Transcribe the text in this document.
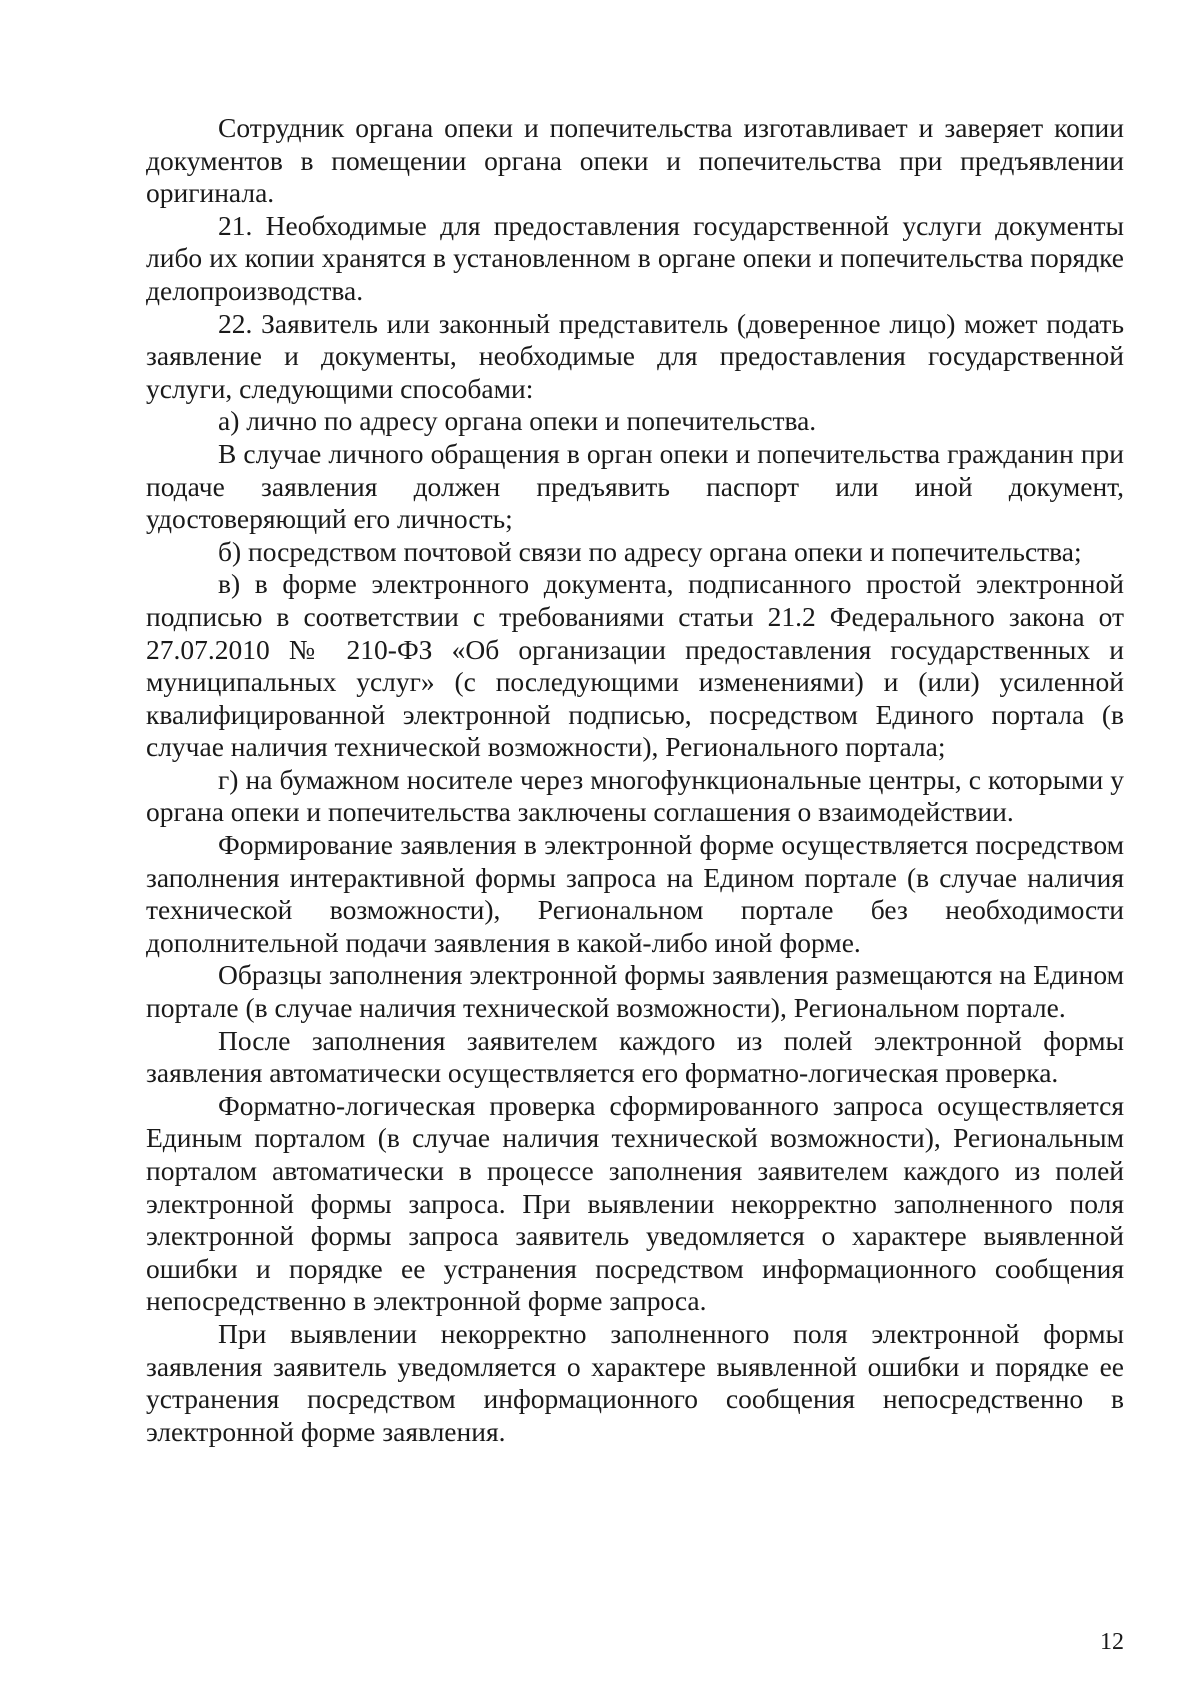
Сотрудник органа опеки и попечительства изготавливает и заверяет копии документов в помещении органа опеки и попечительства при предъявлении оригинала.

21. Необходимые для предоставления государственной услуги документы либо их копии хранятся в установленном в органе опеки и попечительства порядке делопроизводства.

22. Заявитель или законный представитель (доверенное лицо) может подать заявление и документы, необходимые для предоставления государственной услуги, следующими способами:

а) лично по адресу органа опеки и попечительства.

В случае личного обращения в орган опеки и попечительства гражданин при подаче заявления должен предъявить паспорт или иной документ, удостоверяющий его личность;

б) посредством почтовой связи по адресу органа опеки и попечительства;

в) в форме электронного документа, подписанного простой электронной подписью в соответствии с требованиями статьи 21.2 Федерального закона от 27.07.2010 № 210-ФЗ «Об организации предоставления государственных и муниципальных услуг» (с последующими изменениями) и (или) усиленной квалифицированной электронной подписью, посредством Единого портала (в случае наличия технической возможности), Регионального портала;

г) на бумажном носителе через многофункциональные центры, с которыми у органа опеки и попечительства заключены соглашения о взаимодействии.

Формирование заявления в электронной форме осуществляется посредством заполнения интерактивной формы запроса на Едином портале (в случае наличия технической возможности), Региональном портале без необходимости дополнительной подачи заявления в какой-либо иной форме.

Образцы заполнения электронной формы заявления размещаются на Едином портале (в случае наличия технической возможности), Региональном портале.

После заполнения заявителем каждого из полей электронной формы заявления автоматически осуществляется его форматно-логическая проверка.

Форматно-логическая проверка сформированного запроса осуществляется Единым порталом (в случае наличия технической возможности), Региональным порталом автоматически в процессе заполнения заявителем каждого из полей электронной формы запроса. При выявлении некорректно заполненного поля электронной формы запроса заявитель уведомляется о характере выявленной ошибки и порядке ее устранения посредством информационного сообщения непосредственно в электронной форме запроса.

При выявлении некорректно заполненного поля электронной формы заявления заявитель уведомляется о характере выявленной ошибки и порядке ее устранения посредством информационного сообщения непосредственно в электронной форме заявления.

12
